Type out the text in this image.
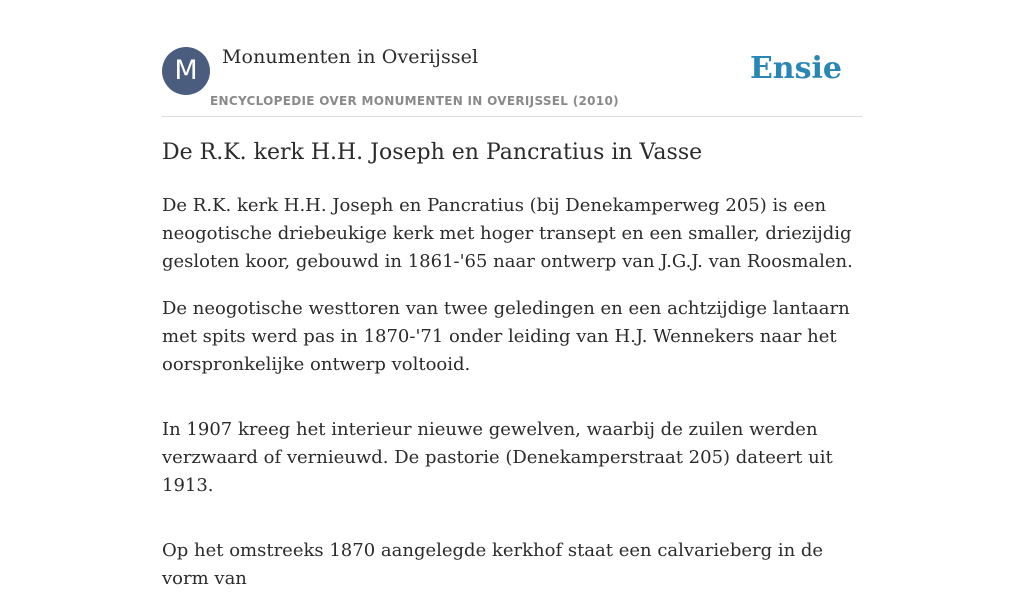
M	Monumenten in Overijssel
ENCYCLOPEDIE OVER MONUMENTEN IN OVERIJSSEL (2010)
Ensie
De R.K. kerk H.H. Joseph en Pancratius in Vasse

De R.K. kerk H.H. Joseph en Pancratius (bij Denekamperweg 205) is een neogotische driebeukige kerk met hoger transept en een smaller, driezijdig gesloten koor, gebouwd in 1861-'65 naar ontwerp van J.G.J. van Roosmalen.

De neogotische westtoren van twee geledingen en een achtzijdige lantaarn met spits werd pas in 1870-'71 onder leiding van H.J. Wennekers naar het oorspronkelijke ontwerp voltooid.

In 1907 kreeg het interieur nieuwe gewelven, waarbij de zuilen werden verzwaard of vernieuwd. De pastorie (Denekamperstraat 205) dateert uit 1913.

Op het omstreeks 1870 aangelegde kerkhof staat een calvarieberg in de vorm van
